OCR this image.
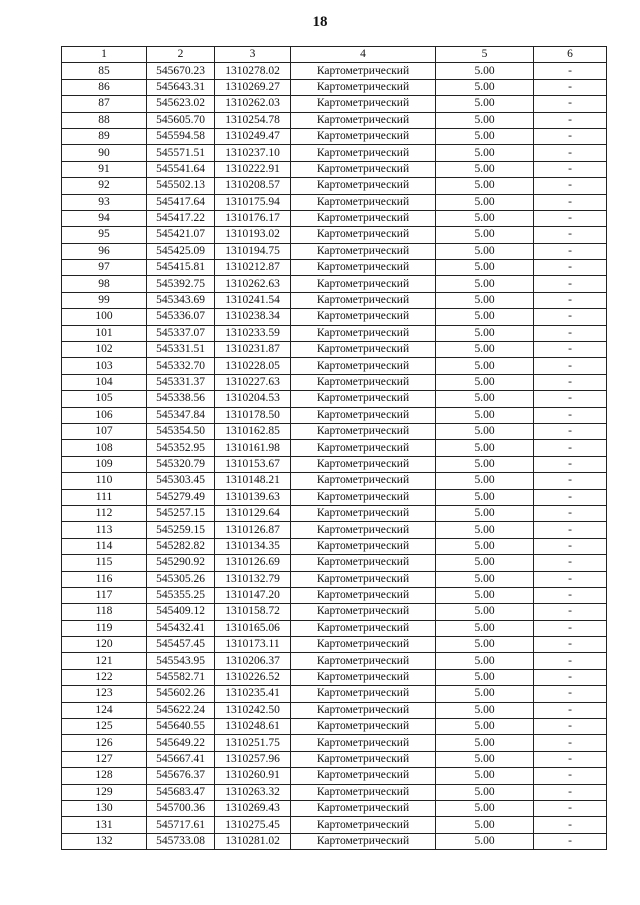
18
1	2	3	4	5	6
85	545670.23	1310278.02	Картометрический	5.00	-
86	545643.31	1310269.27	Картометрический	5.00	-
87	545623.02	1310262.03	Картометрический	5.00	-
88	545605.70	1310254.78	Картометрический	5.00	-
89	545594.58	1310249.47	Картометрический	5.00	-
90	545571.51	1310237.10	Картометрический	5.00	-
91	545541.64	1310222.91	Картометрический	5.00	-
92	545502.13	1310208.57	Картометрический	5.00	-
93	545417.64	1310175.94	Картометрический	5.00	-
94	545417.22	1310176.17	Картометрический	5.00	-
95	545421.07	1310193.02	Картометрический	5.00	-
96	545425.09	1310194.75	Картометрический	5.00	-
97	545415.81	1310212.87	Картометрический	5.00	-
98	545392.75	1310262.63	Картометрический	5.00	-
99	545343.69	1310241.54	Картометрический	5.00	-
100	545336.07	1310238.34	Картометрический	5.00	-
101	545337.07	1310233.59	Картометрический	5.00	-
102	545331.51	1310231.87	Картометрический	5.00	-
103	545332.70	1310228.05	Картометрический	5.00	-
104	545331.37	1310227.63	Картометрический	5.00	-
105	545338.56	1310204.53	Картометрический	5.00	-
106	545347.84	1310178.50	Картометрический	5.00	-
107	545354.50	1310162.85	Картометрический	5.00	-
108	545352.95	1310161.98	Картометрический	5.00	-
109	545320.79	1310153.67	Картометрический	5.00	-
110	545303.45	1310148.21	Картометрический	5.00	-
111	545279.49	1310139.63	Картометрический	5.00	-
112	545257.15	1310129.64	Картометрический	5.00	-
113	545259.15	1310126.87	Картометрический	5.00	-
114	545282.82	1310134.35	Картометрический	5.00	-
115	545290.92	1310126.69	Картометрический	5.00	-
116	545305.26	1310132.79	Картометрический	5.00	-
117	545355.25	1310147.20	Картометрический	5.00	-
118	545409.12	1310158.72	Картометрический	5.00	-
119	545432.41	1310165.06	Картометрический	5.00	-
120	545457.45	1310173.11	Картометрический	5.00	-
121	545543.95	1310206.37	Картометрический	5.00	-
122	545582.71	1310226.52	Картометрический	5.00	-
123	545602.26	1310235.41	Картометрический	5.00	-
124	545622.24	1310242.50	Картометрический	5.00	-
125	545640.55	1310248.61	Картометрический	5.00	-
126	545649.22	1310251.75	Картометрический	5.00	-
127	545667.41	1310257.96	Картометрический	5.00	-
128	545676.37	1310260.91	Картометрический	5.00	-
129	545683.47	1310263.32	Картометрический	5.00	-
130	545700.36	1310269.43	Картометрический	5.00	-
131	545717.61	1310275.45	Картометрический	5.00	-
132	545733.08	1310281.02	Картометрический	5.00	-
